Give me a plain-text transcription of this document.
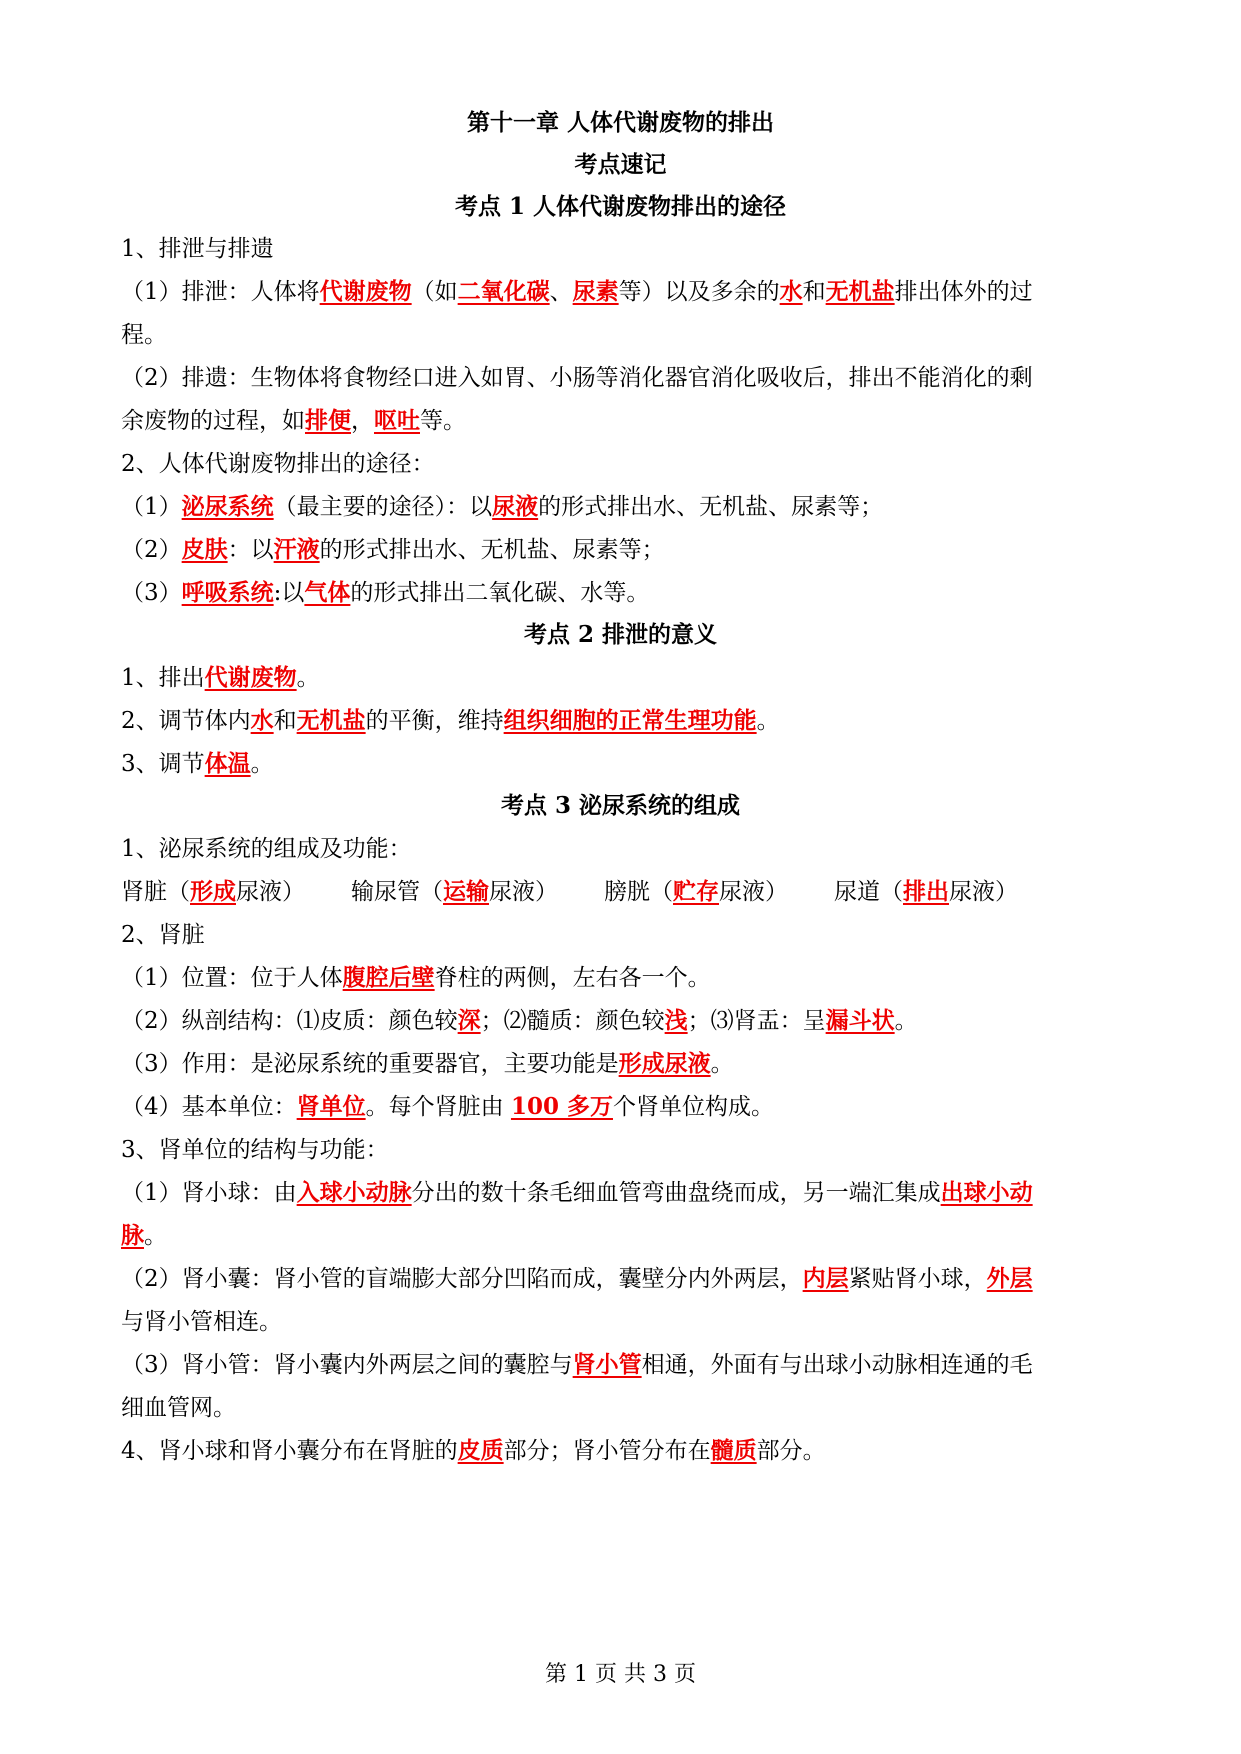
第十一章 人体代谢废物的排出
考点速记
考点 1 人体代谢废物排出的途径
1、排泄与排遗
（1）排泄：人体将代谢废物（如二氧化碳、尿素等）以及多余的水和无机盐排出体外的过
程。
（2）排遗：生物体将食物经口进入如胃、小肠等消化器官消化吸收后，排出不能消化的剩
余废物的过程，如排便，呕吐等。
2、人体代谢废物排出的途径：
（1）泌尿系统（最主要的途径）：以尿液的形式排出水、无机盐、尿素等；
（2）皮肤：以汗液的形式排出水、无机盐、尿素等；
（3）呼吸系统:以气体的形式排出二氧化碳、水等。
考点 2 排泄的意义
1、排出代谢废物。
2、调节体内水和无机盐的平衡，维持组织细胞的正常生理功能。
3、调节体温。
考点 3 泌尿系统的组成
1、泌尿系统的组成及功能：
肾脏（形成尿液） 输尿管（运输尿液） 膀胱（贮存尿液） 尿道（排出尿液）
2、肾脏
（1）位置：位于人体腹腔后壁脊柱的两侧，左右各一个。
（2）纵剖结构：⑴皮质：颜色较深；⑵髓质：颜色较浅；⑶肾盂：呈漏斗状。
（3）作用：是泌尿系统的重要器官，主要功能是形成尿液。
（4）基本单位：肾单位。每个肾脏由 100 多万个肾单位构成。
3、肾单位的结构与功能：
（1）肾小球：由入球小动脉分出的数十条毛细血管弯曲盘绕而成，另一端汇集成出球小动
脉。
（2）肾小囊：肾小管的盲端膨大部分凹陷而成，囊壁分内外两层，内层紧贴肾小球，外层
与肾小管相连。
（3）肾小管：肾小囊内外两层之间的囊腔与肾小管相通，外面有与出球小动脉相连通的毛
细血管网。
4、肾小球和肾小囊分布在肾脏的皮质部分；肾小管分布在髓质部分。
第 1 页 共 3 页
